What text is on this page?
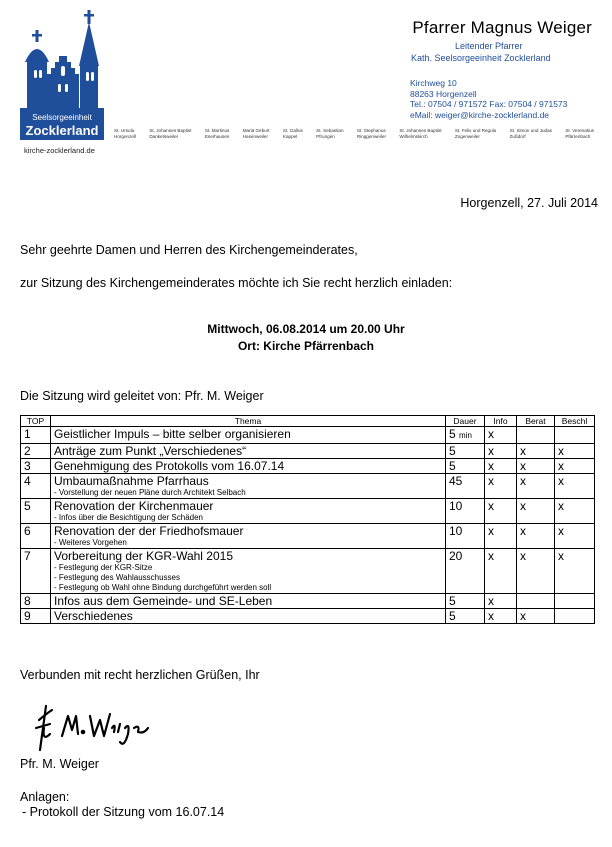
Seelsorgeeinheit
Zocklerland
kirche-zocklerland.de
Pfarrer Magnus Weiger
Leitender Pfarrer
Kath. Seelsorgeeinheit Zocklerland
Kirchweg 10
88263 Horgenzell
Tel.: 07504 / 971572 Fax: 07504 / 971573
eMail: weiger@kirche-zocklerland.de
St. Ursula
Horgenzell
St. Johannes Baptist
Danketsweiler
St. Martinus
Eserhausen
Mariä Geburt
Hasenweiler
St. Gallus
Kappel
St. Sebastian
Pfrungen
St. Stephanus
Ringgenweiler
St. Johannes Baptist
Wilhelmskirch
St. Felix und Regula
Zogenweiler
St. Simon und Judas
Zußdorf
St. Verenatius
Pfärrenbach
Horgenzell, 27. Juli 2014
Sehr geehrte Damen und Herren des Kirchengemeinderates,
zur Sitzung des Kirchengemeinderates möchte ich Sie recht herzlich einladen:
Mittwoch, 06.08.2014 um 20.00 Uhr
Ort: Kirche Pfärrenbach
Die Sitzung wird geleitet von: Pfr. M. Weiger
TOP	Thema	Dauer	Info	Berat	Beschl
1	Geistlicher Impuls – bitte selber organisieren	5 min	x		
2	Anträge zum Punkt „Verschiedenes“	5	x	x	x
3	Genehmigung des Protokolls vom 16.07.14	5	x	x	x
4	Umbaumaßnahme Pfarrhaus
- Vorstellung der neuen Pläne durch Architekt Selbach	45	x	x	x
5	Renovation der Kirchenmauer
- Infos über die Besichtigung der Schäden	10	x	x	x
6	Renovation der der Friedhofsmauer
- Weiteres Vorgehen	10	x	x	x
7	Vorbereitung der KGR-Wahl 2015
- Festlegung der KGR-Sitze
- Festlegung des Wahlausschusses
- Festlegung ob Wahl ohne Bindung durchgeführt werden soll	20	x	x	x
8	Infos aus dem Gemeinde- und SE-Leben	5	x		
9	Verschiedenes	5	x	x	
Verbunden mit recht herzlichen Grüßen, Ihr
Pfr. M. Weiger
Anlagen:
- Protokoll der Sitzung vom 16.07.14
